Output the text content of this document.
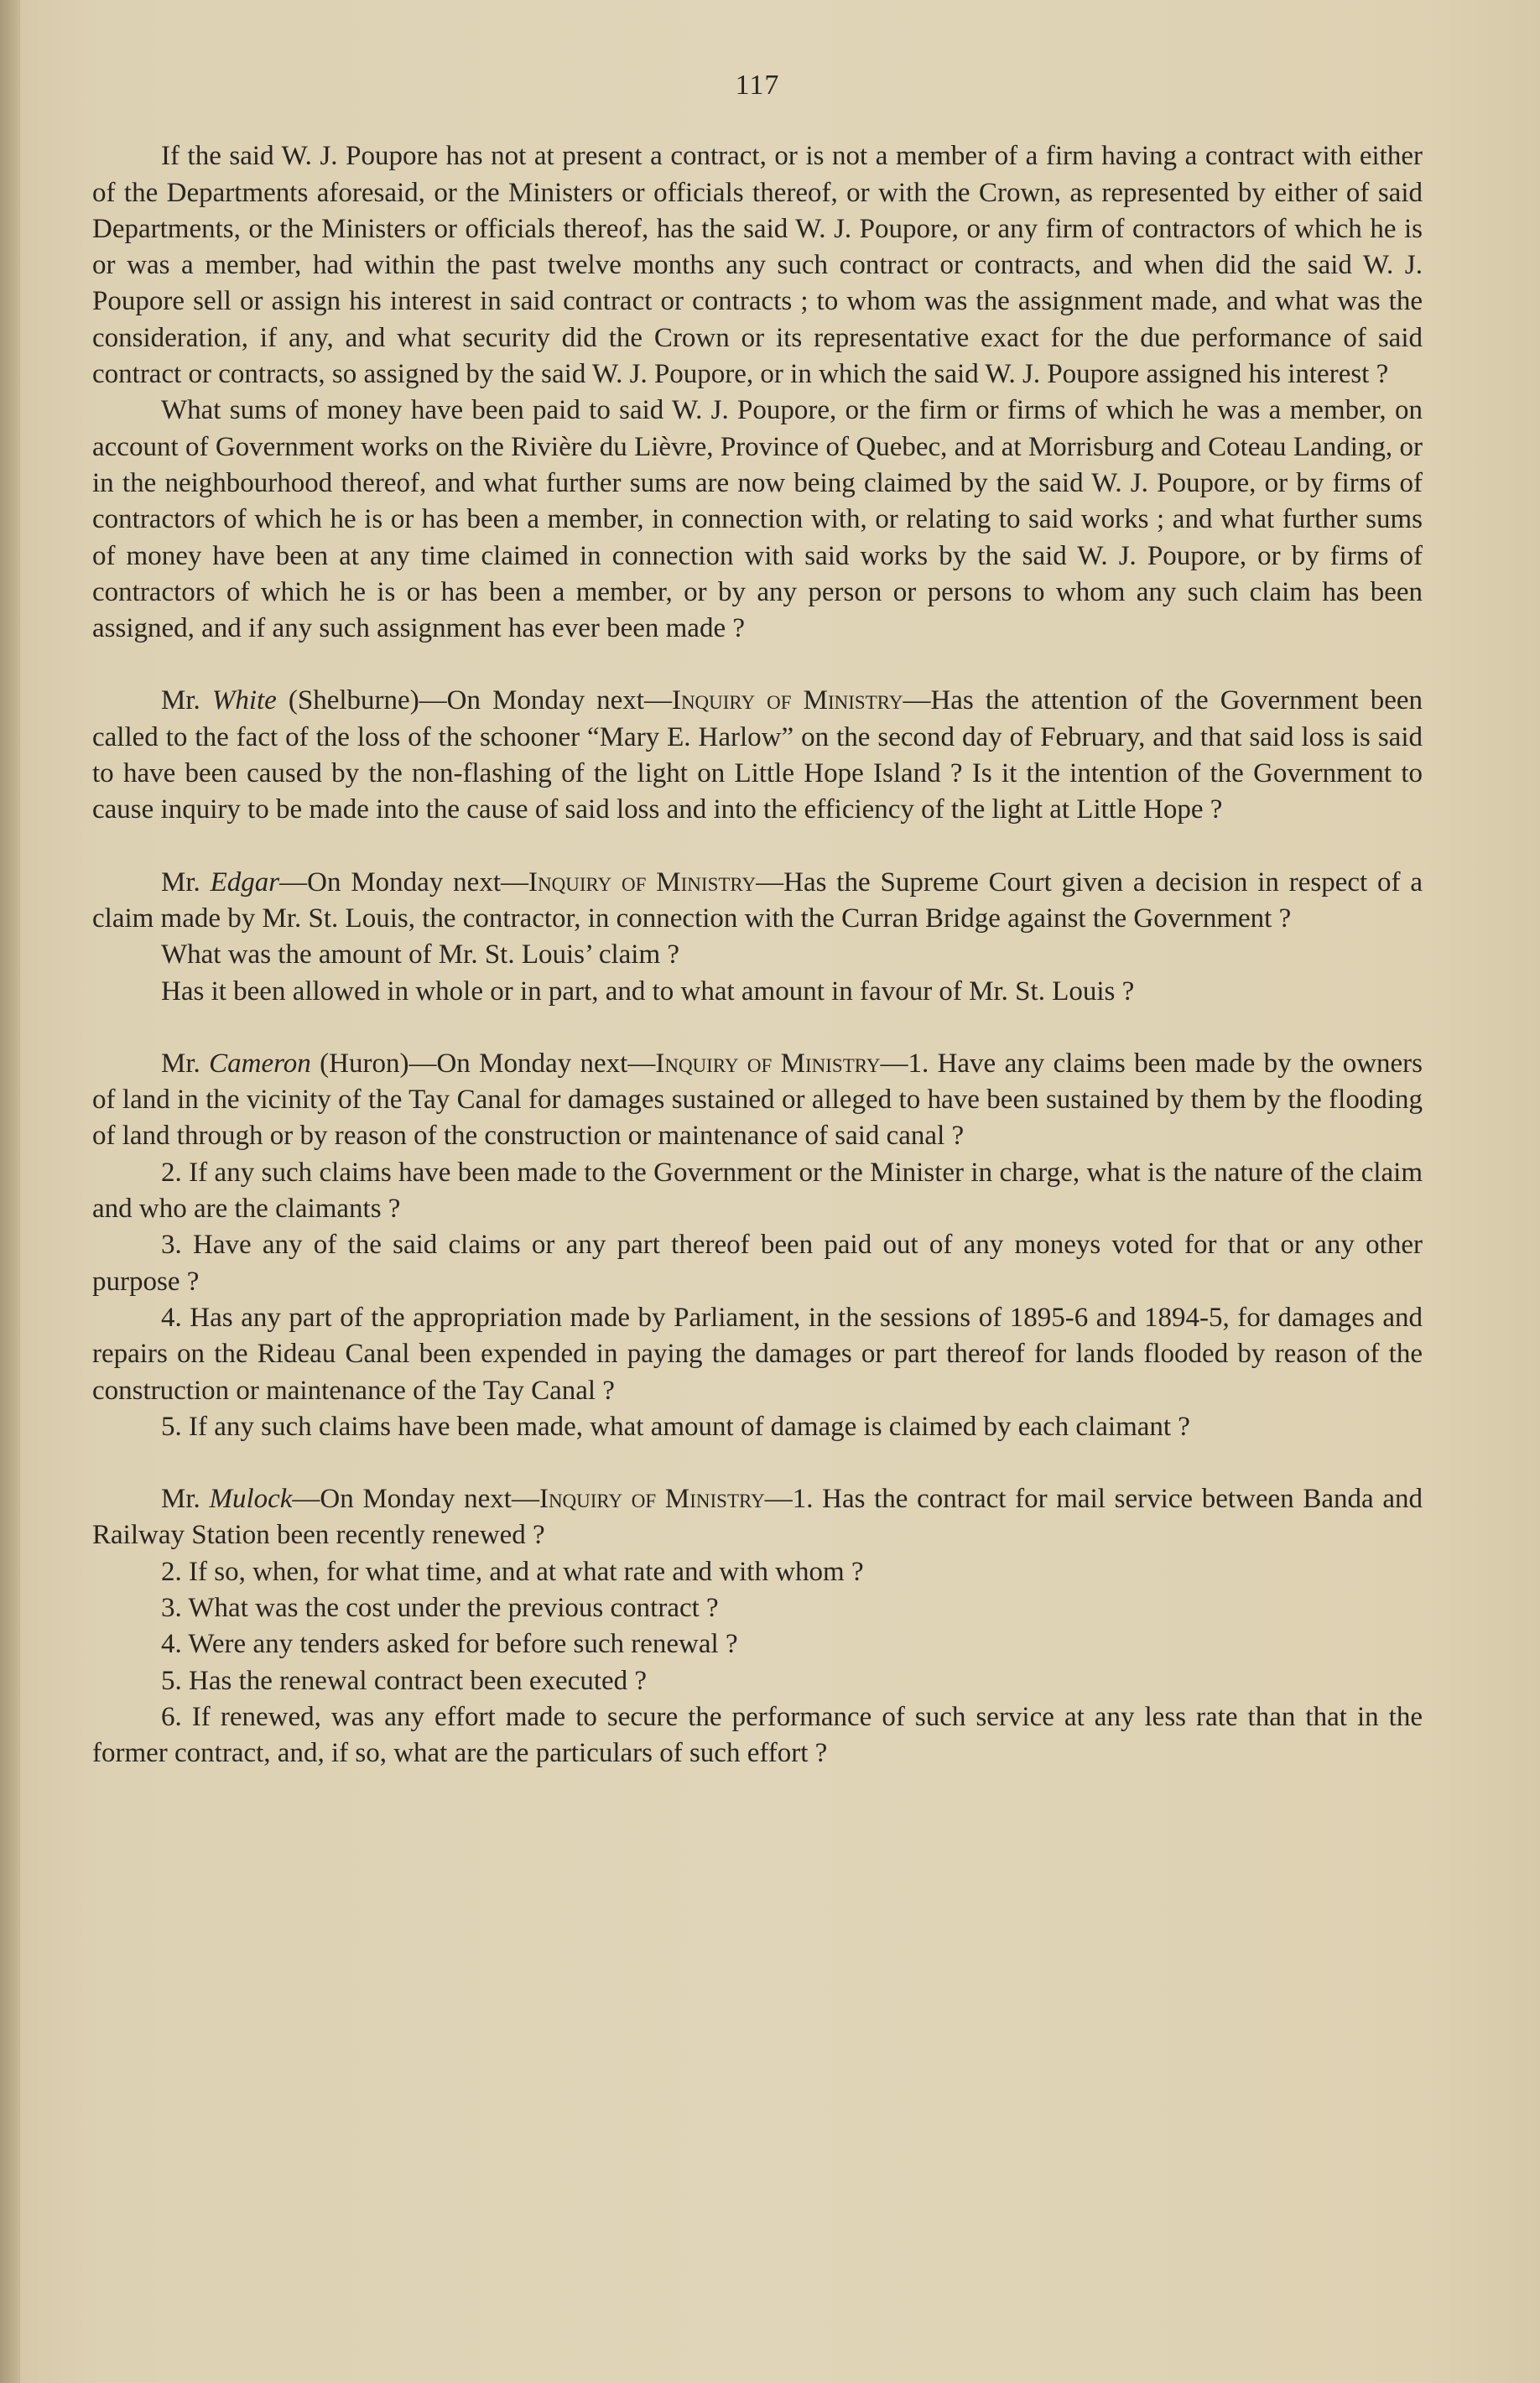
117

If the said W. J. Poupore has not at present a contract, or is not a member of a firm having a contract with either of the Departments aforesaid, or the Ministers or officials thereof, or with the Crown, as represented by either of said Departments, or the Ministers or officials thereof, has the said W. J. Poupore, or any firm of contractors of which he is or was a member, had within the past twelve months any such contract or contracts, and when did the said W. J. Poupore sell or assign his interest in said contract or contracts ; to whom was the assignment made, and what was the consideration, if any, and what security did the Crown or its representative exact for the due performance of said contract or contracts, so assigned by the said W. J. Poupore, or in which the said W. J. Poupore assigned his interest ?

What sums of money have been paid to said W. J. Poupore, or the firm or firms of which he was a member, on account of Government works on the Rivière du Lièvre, Province of Quebec, and at Morrisburg and Coteau Landing, or in the neighbourhood thereof, and what further sums are now being claimed by the said W. J. Poupore, or by firms of contractors of which he is or has been a member, in connection with, or relating to said works ; and what further sums of money have been at any time claimed in connection with said works by the said W. J. Poupore, or by firms of contractors of which he is or has been a member, or by any person or persons to whom any such claim has been assigned, and if any such assignment has ever been made ?

Mr. White (Shelburne)—On Monday next—Inquiry of Ministry—Has the attention of the Government been called to the fact of the loss of the schooner “Mary E. Harlow” on the second day of February, and that said loss is said to have been caused by the non-flashing of the light on Little Hope Island ? Is it the intention of the Government to cause inquiry to be made into the cause of said loss and into the efficiency of the light at Little Hope ?

Mr. Edgar—On Monday next—Inquiry of Ministry—Has the Supreme Court given a decision in respect of a claim made by Mr. St. Louis, the contractor, in connection with the Curran Bridge against the Government ?

What was the amount of Mr. St. Louis’ claim ?

Has it been allowed in whole or in part, and to what amount in favour of Mr. St. Louis ?

Mr. Cameron (Huron)—On Monday next—Inquiry of Ministry—1. Have any claims been made by the owners of land in the vicinity of the Tay Canal for damages sustained or alleged to have been sustained by them by the flooding of land through or by reason of the construction or maintenance of said canal ?

2. If any such claims have been made to the Government or the Minister in charge, what is the nature of the claim and who are the claimants ?

3. Have any of the said claims or any part thereof been paid out of any moneys voted for that or any other purpose ?

4. Has any part of the appropriation made by Parliament, in the sessions of 1895-6 and 1894-5, for damages and repairs on the Rideau Canal been expended in paying the damages or part thereof for lands flooded by reason of the construction or maintenance of the Tay Canal ?

5. If any such claims have been made, what amount of damage is claimed by each claimant ?

Mr. Mulock—On Monday next—Inquiry of Ministry—1. Has the contract for mail service between Banda and Railway Station been recently renewed ?

2. If so, when, for what time, and at what rate and with whom ?

3. What was the cost under the previous contract ?

4. Were any tenders asked for before such renewal ?

5. Has the renewal contract been executed ?

6. If renewed, was any effort made to secure the performance of such service at any less rate than that in the former contract, and, if so, what are the particulars of such effort ?
